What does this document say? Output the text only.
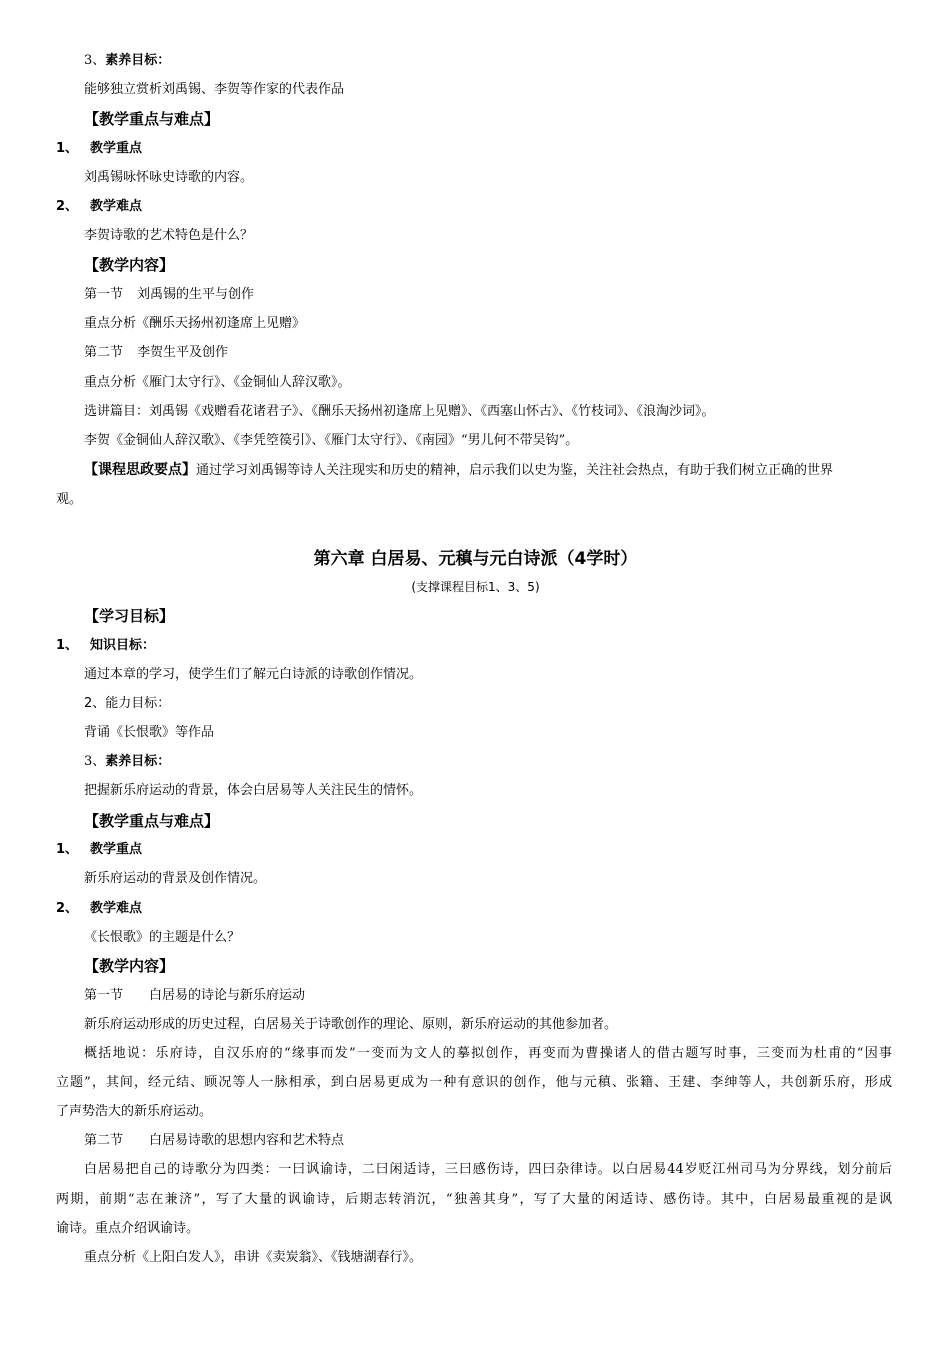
3、素养目标：
能够独立赏析刘禹锡、李贺等作家的代表作品
【教学重点与难点】
1、 教学重点
刘禹锡咏怀咏史诗歌的内容。
2、 教学难点
李贺诗歌的艺术特色是什么？
【教学内容】
第一节 刘禹锡的生平与创作
重点分析《酬乐天扬州初逢席上见赠》
第二节 李贺生平及创作
重点分析《雁门太守行》、《金铜仙人辞汉歌》。
选讲篇目：刘禹锡《戏赠看花诸君子》、《酬乐天扬州初逢席上见赠》、《西塞山怀古》、《竹枝词》、《浪淘沙词》。
李贺《金铜仙人辞汉歌》、《李凭箜篌引》、《雁门太守行》、《南园》“男儿何不带吴钩”。
【课程思政要点】通过学习刘禹锡等诗人关注现实和历史的精神，启示我们以史为鉴，关注社会热点，有助于我们树立正确的世界
观。
第六章 白居易、元稹与元白诗派（4学时）
(支撑课程目标1、3、5)
【学习目标】
1、 知识目标：
通过本章的学习，使学生们了解元白诗派的诗歌创作情况。
2、能力目标：
背诵《长恨歌》等作品
3、素养目标：
把握新乐府运动的背景，体会白居易等人关注民生的情怀。
【教学重点与难点】
1、 教学重点
新乐府运动的背景及创作情况。
2、 教学难点
《长恨歌》的主题是什么？
【教学内容】
第一节 白居易的诗论与新乐府运动
新乐府运动形成的历史过程，白居易关于诗歌创作的理论、原则，新乐府运动的其他参加者。
概括地说：乐府诗，自汉乐府的“缘事而发”一变而为文人的摹拟创作，再变而为曹操诸人的借古题写时事，三变而为杜甫的“因事
立题”，其间，经元结、顾况等人一脉相承，到白居易更成为一种有意识的创作，他与元稹、张籍、王建、李绅等人，共创新乐府，形成
了声势浩大的新乐府运动。
第二节 白居易诗歌的思想内容和艺术特点
白居易把自己的诗歌分为四类：一曰讽谕诗，二曰闲适诗，三曰感伤诗，四曰杂律诗。以白居易44岁贬江州司马为分界线，划分前后
两期，前期“志在兼济”，写了大量的讽谕诗，后期志转消沉，“独善其身”，写了大量的闲适诗、感伤诗。其中，白居易最重视的是讽
谕诗。重点介绍讽谕诗。
重点分析《上阳白发人》，串讲《卖炭翁》、《钱塘湖春行》。
